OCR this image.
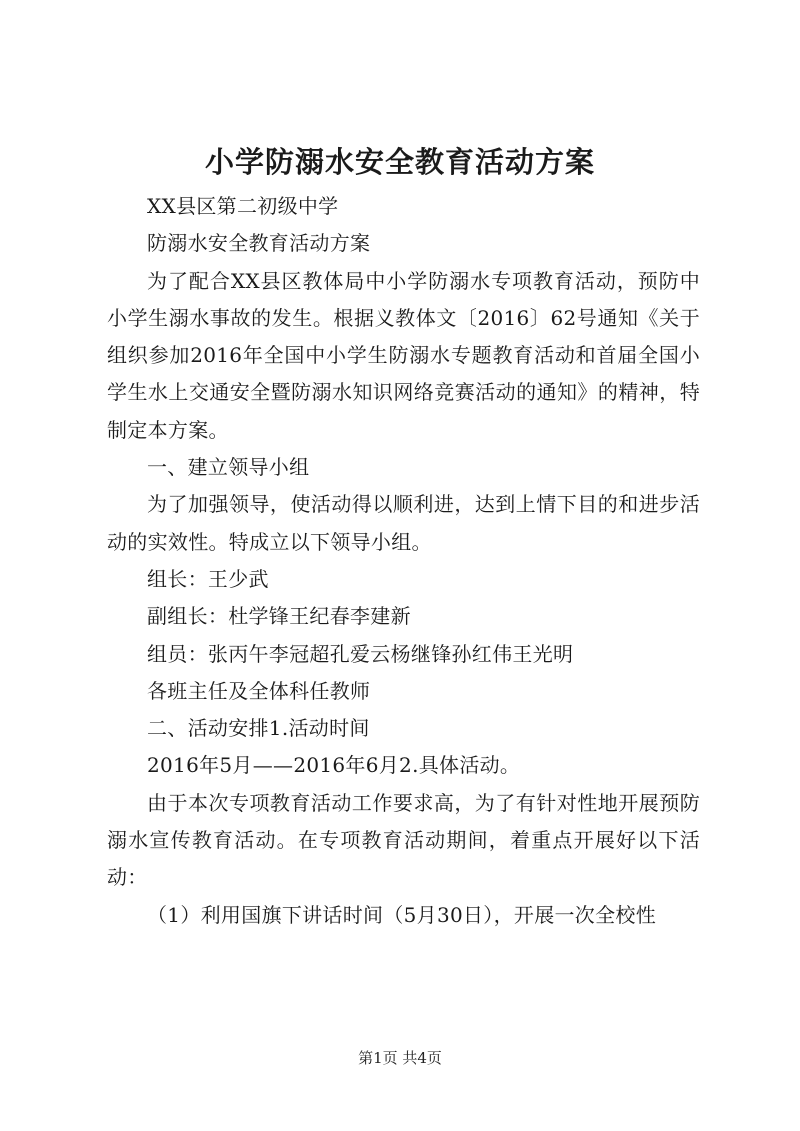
小学防溺水安全教育活动方案

XX县区第二初级中学

防溺水安全教育活动方案

为了配合XX县区教体局中小学防溺水专项教育活动，预防中小学生溺水事故的发生。根据义教体文〔2016〕62号通知《关于组织参加2016年全国中小学生防溺水专题教育活动和首届全国小学生水上交通安全暨防溺水知识网络竞赛活动的通知》的精神，特制定本方案。

一、建立领导小组

为了加强领导，使活动得以顺利进，达到上情下目的和进步活动的实效性。特成立以下领导小组。

组长：王少武

副组长：杜学锋王纪春李建新

组员：张丙午李冠超孔爱云杨继锋孙红伟王光明

各班主任及全体科任教师

二、活动安排1.活动时间

2016年5月——2016年6月2.具体活动。

由于本次专项教育活动工作要求高，为了有针对性地开展预防溺水宣传教育活动。在专项教育活动期间，着重点开展好以下活动：

（1）利用国旗下讲话时间（5月30日），开展一次全校性

第1页 共4页
